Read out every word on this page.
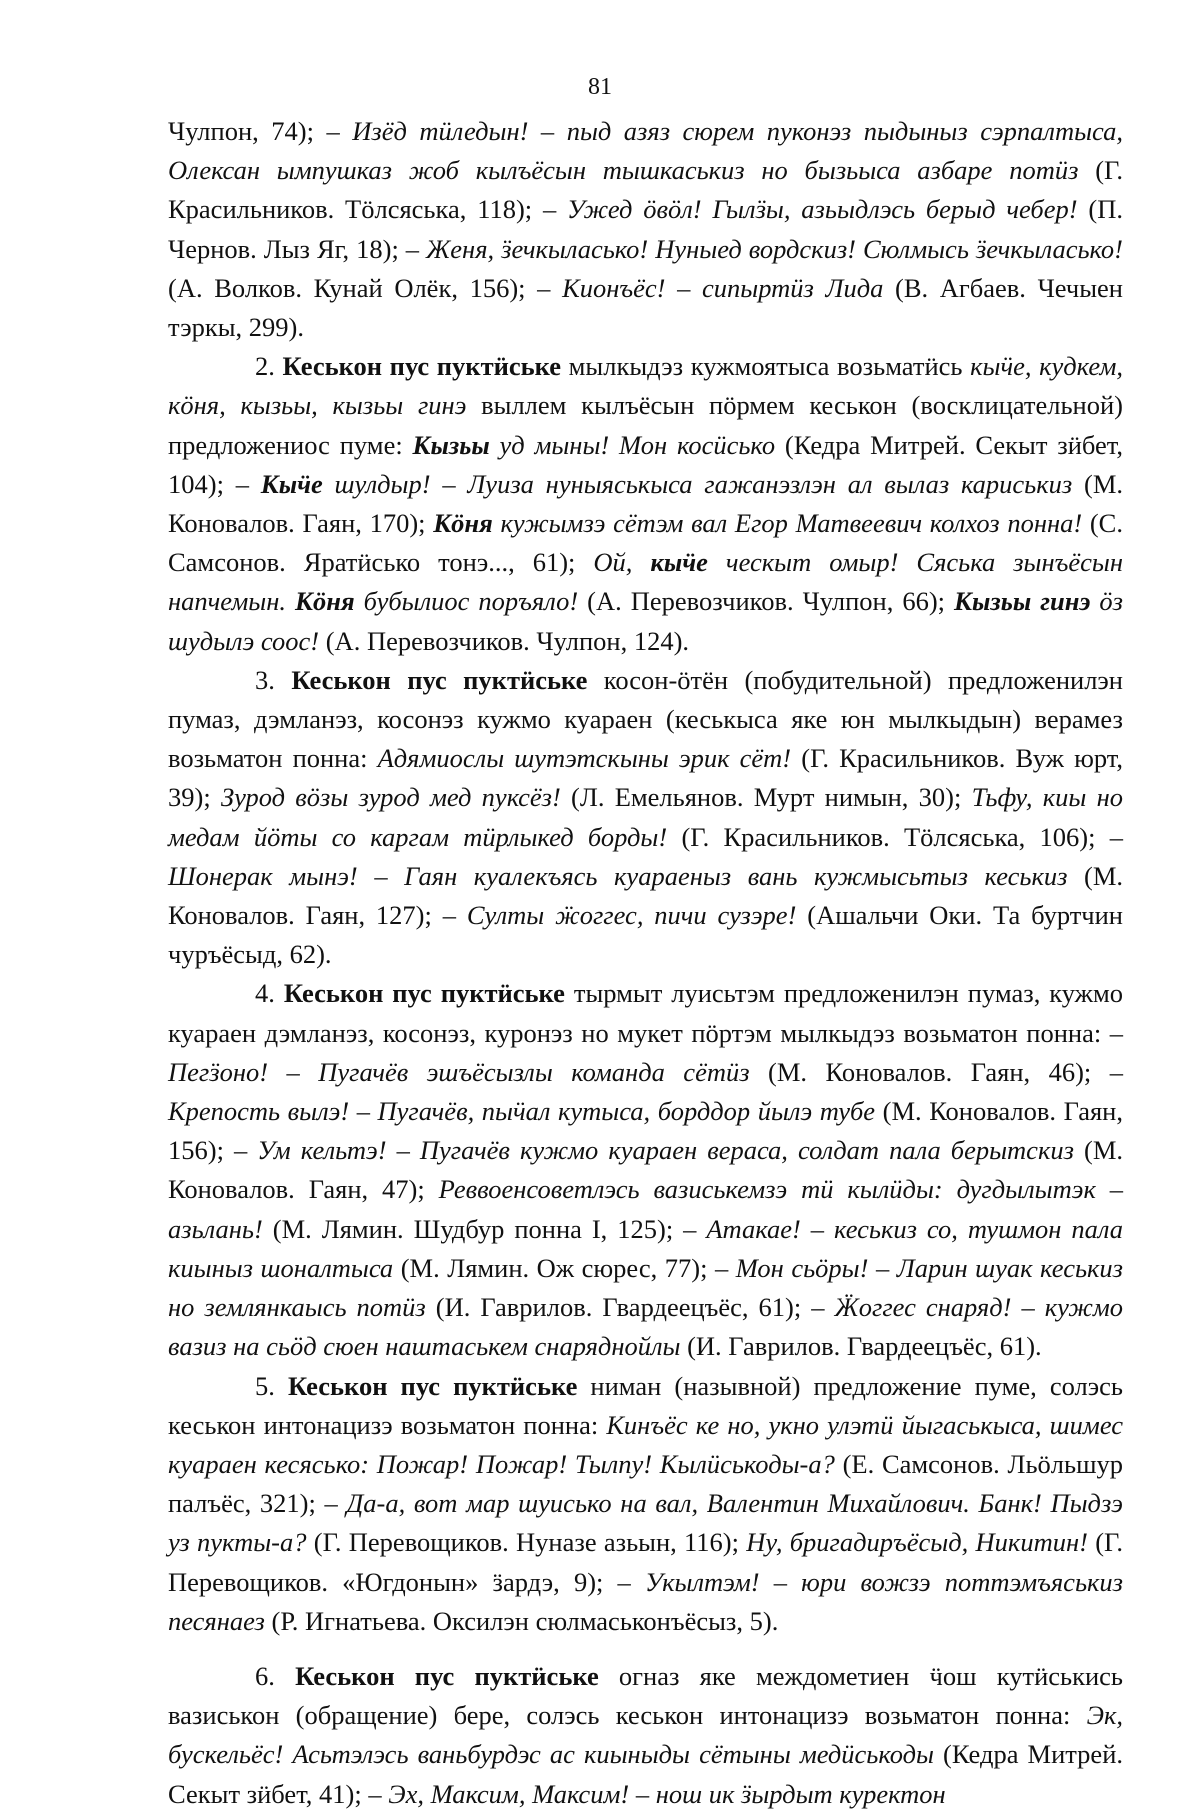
81

Чулпон, 74); – Изёд тӥледын! – пыд азяз сюрем пуконэз пыдыныз сэрпалтыса, Олексан ымпушказ жоб кылъёсын тышкаськиз но бызьыса азбаре потӥз (Г. Красильников. Тӧлсяська, 118); – Ужед ӧвӧл! Гылӟы, азьыдлэсь берыд чебер! (П. Чернов. Лыз Яг, 18); – Женя, ӟечкыласько! Нуныед вордскиз! Сюлмысь ӟечкыласько! (А. Волков. Кунай Олёк, 156); – Кионъёс! – сипыртӥз Лида (В. Агбаев. Чечыен тэркы, 299).

2. Кеськон пус пуктӥське мылкыдэз кужмоятыса возьматӥсь кыӵе, кудкем, кӧня, кызьы, кызьы гинэ выллем кылъёсын пӧрмем кеськон (восклицательной) предложениос пуме: Кызьы уд мыны! Мон косӥсько (Кедра Митрей. Секыт зӥбет, 104); – Кыӵе шулдыр! – Луиза нуныяськыса гажанэзлэн ал вылаз кариськиз (М. Коновалов. Гаян, 170); Кӧня кужымзэ сётэм вал Егор Матвеевич колхоз понна! (С. Самсонов. Яратӥсько тонэ..., 61); Ой, кыӵе ческыт омыр! Сяська зынъёсын напчемын. Кӧня бубылиос поръяло! (А. Перевозчиков. Чулпон, 66); Кызьы гинэ ӧз шудылэ соос! (А. Перевозчиков. Чулпон, 124).

3. Кеськон пус пуктӥське косон-ӧтён (побудительной) предложенилэн пумаз, дэмланэз, косонэз кужмо куараен (кеськыса яке юн мылкыдын) верамез возьматон понна: Адямиослы шутэтскыны эрик сёт! (Г. Красильников. Вуж юрт, 39); Зурод вӧзы зурод мед пуксёз! (Л. Емельянов. Мурт нимын, 30); Тьфу, киы но медам йӧты со каргам тӥрлыкед борды! (Г. Красильников. Тӧлсяська, 106); – Шонерак мынэ! – Гаян куалекъясь куараеныз вань кужмысьтыз кеськиз (М. Коновалов. Гаян, 127); – Султы ӝоггес, пичи сузэре! (Ашальчи Оки. Та буртчин чуръёсыд, 62).

4. Кеськон пус пуктӥське тырмыт луисьтэм предложенилэн пумаз, кужмо куараен дэмланэз, косонэз, куронэз но мукет пӧртэм мылкыдэз возьматон понна: – Пегӟоно! – Пугачёв эшъёсызлы команда сётӥз (М. Коновалов. Гаян, 46); – Крепость вылэ! – Пугачёв, пыӵал кутыса, борддор йылэ тубе (М. Коновалов. Гаян, 156); – Ум кельтэ! – Пугачёв кужмо куараен вераса, солдат пала берытскиз (М. Коновалов. Гаян, 47); Реввоенсоветлэсь вазиськемзэ тӥ кылӥды: дугдылытэк – азьлань! (М. Лямин. Шудбур понна I, 125); – Атакае! – кеськиз со, тушмон пала киыныз шоналтыса (М. Лямин. Ож сюрес, 77); – Мон сьӧры! – Ларин шуак кеськиз но землянкаысь потӥз (И. Гаврилов. Гвардеецъёс, 61); – Ӝоггес снаряд! – кужмо вазиз на сьӧд сюен наштаськем снаряднойлы (И. Гаврилов. Гвардеецъёс, 61).

5. Кеськон пус пуктӥське ниман (назывной) предложение пуме, солэсь кеськон интонацизэ возьматон понна: Кинъёс ке но, укно улэтӥ йыгаськыса, шимес куараен кесясько: Пожар! Пожар! Тылпу! Кылӥськоды-а? (Е. Самсонов. Льӧльшур палъёс, 321); – Да-а, вот мар шуисько на вал, Валентин Михайлович. Банк! Пыдзэ уз пукты-а? (Г. Перевощиков. Нуназе азьын, 116); Ну, бригадиръёсыд, Никитин! (Г. Перевощиков. «Югдонын» ӟардэ, 9); – Укылтэм! – юри вожзэ поттэмъяськиз песянаез (Р. Игнатьева. Оксилэн сюлмаськонъёсыз, 5).

6. Кеськон пус пуктӥське огназ яке междометиен ӵош кутӥськись вазиськон (обращение) бере, солэсь кеськон интонацизэ возьматон понна: Эк, бускельёс! Асьтэлэсь ваньбурдэс ас киыныды сётыны медӥськоды (Кедра Митрей. Секыт зӥбет, 41); – Эх, Максим, Максим! – нош ик ӟырдыт куректон
